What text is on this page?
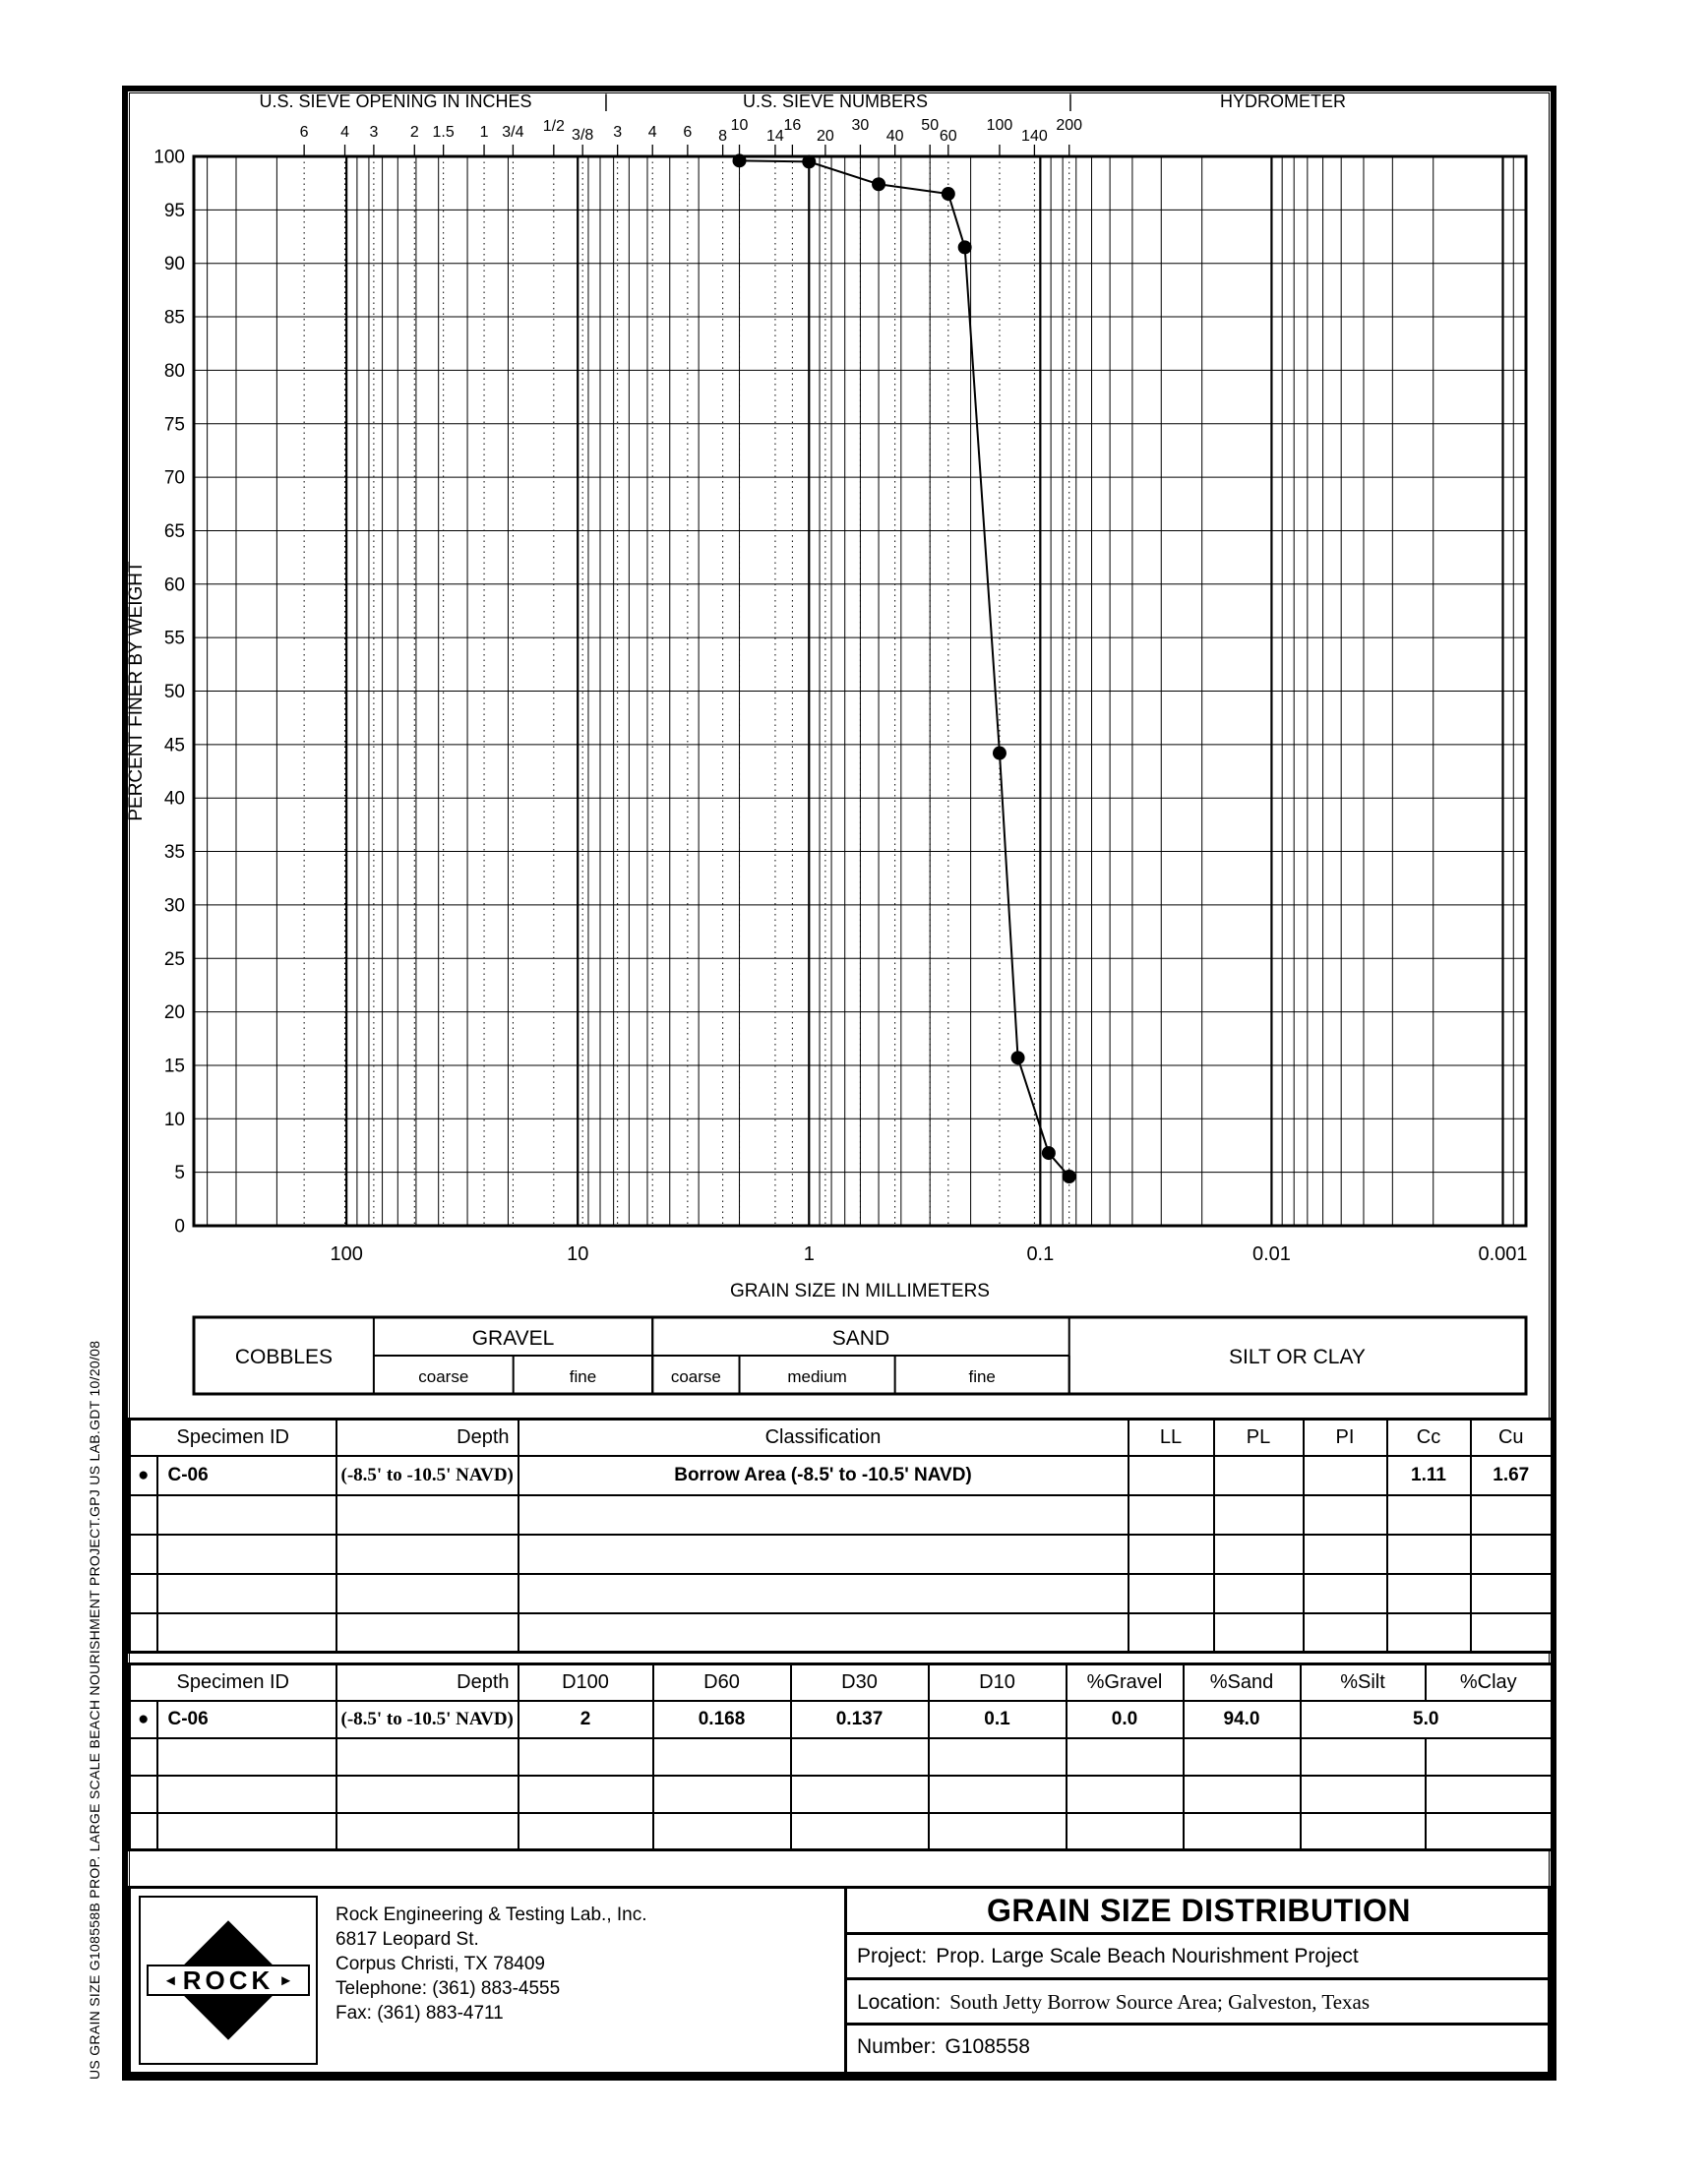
US GRAIN SIZE G108558B PROP. LARGE SCALE BEACH NOURISHMENT PROJECT.GPJ US LAB.GDT 10/20/08
0
5
10
15
20
25
30
35
40
45
50
55
60
65
70
75
80
85
90
95
100
6 4 3 2 1.5 1 3/4 1/2
3/8 3 4 6 8
10
14
16
20
30
40
50
60
100
140
200
U.S. SIEVE OPENING IN INCHES	U.S. SIEVE NUMBERS	HYDROMETER
|	|
100	10	1	0.1	0.01	0.001
GRAIN SIZE IN MILLIMETERS
PERCENT FINER BY WEIGHT
COBBLES
GRAVEL
coarse	fine
SAND
coarse	medium	fine
SILT OR CLAY
Specimen ID		Depth	Classification	LL	PL	PI	Cc	Cu
●	C-06	(-8.5' to -10.5' NAVD)	Borrow Area (-8.5' to -10.5' NAVD)				1.11	1.67

Specimen ID		Depth	D100	D60	D30	D10	%Gravel	%Sand	%Silt	%Clay
●	C-06	(-8.5' to -10.5' NAVD)	2	0.168	0.137	0.1	0.0	94.0	5.0	

◄ ROCK ►
Rock Engineering & Testing Lab., Inc.
6817 Leopard St.
Corpus Christi, TX 78409
Telephone: (361) 883-4555
Fax: (361) 883-4711
GRAIN SIZE DISTRIBUTION
Project: Prop. Large Scale Beach Nourishment Project
Location: South Jetty Borrow Source Area; Galveston, Texas
Number: G108558
